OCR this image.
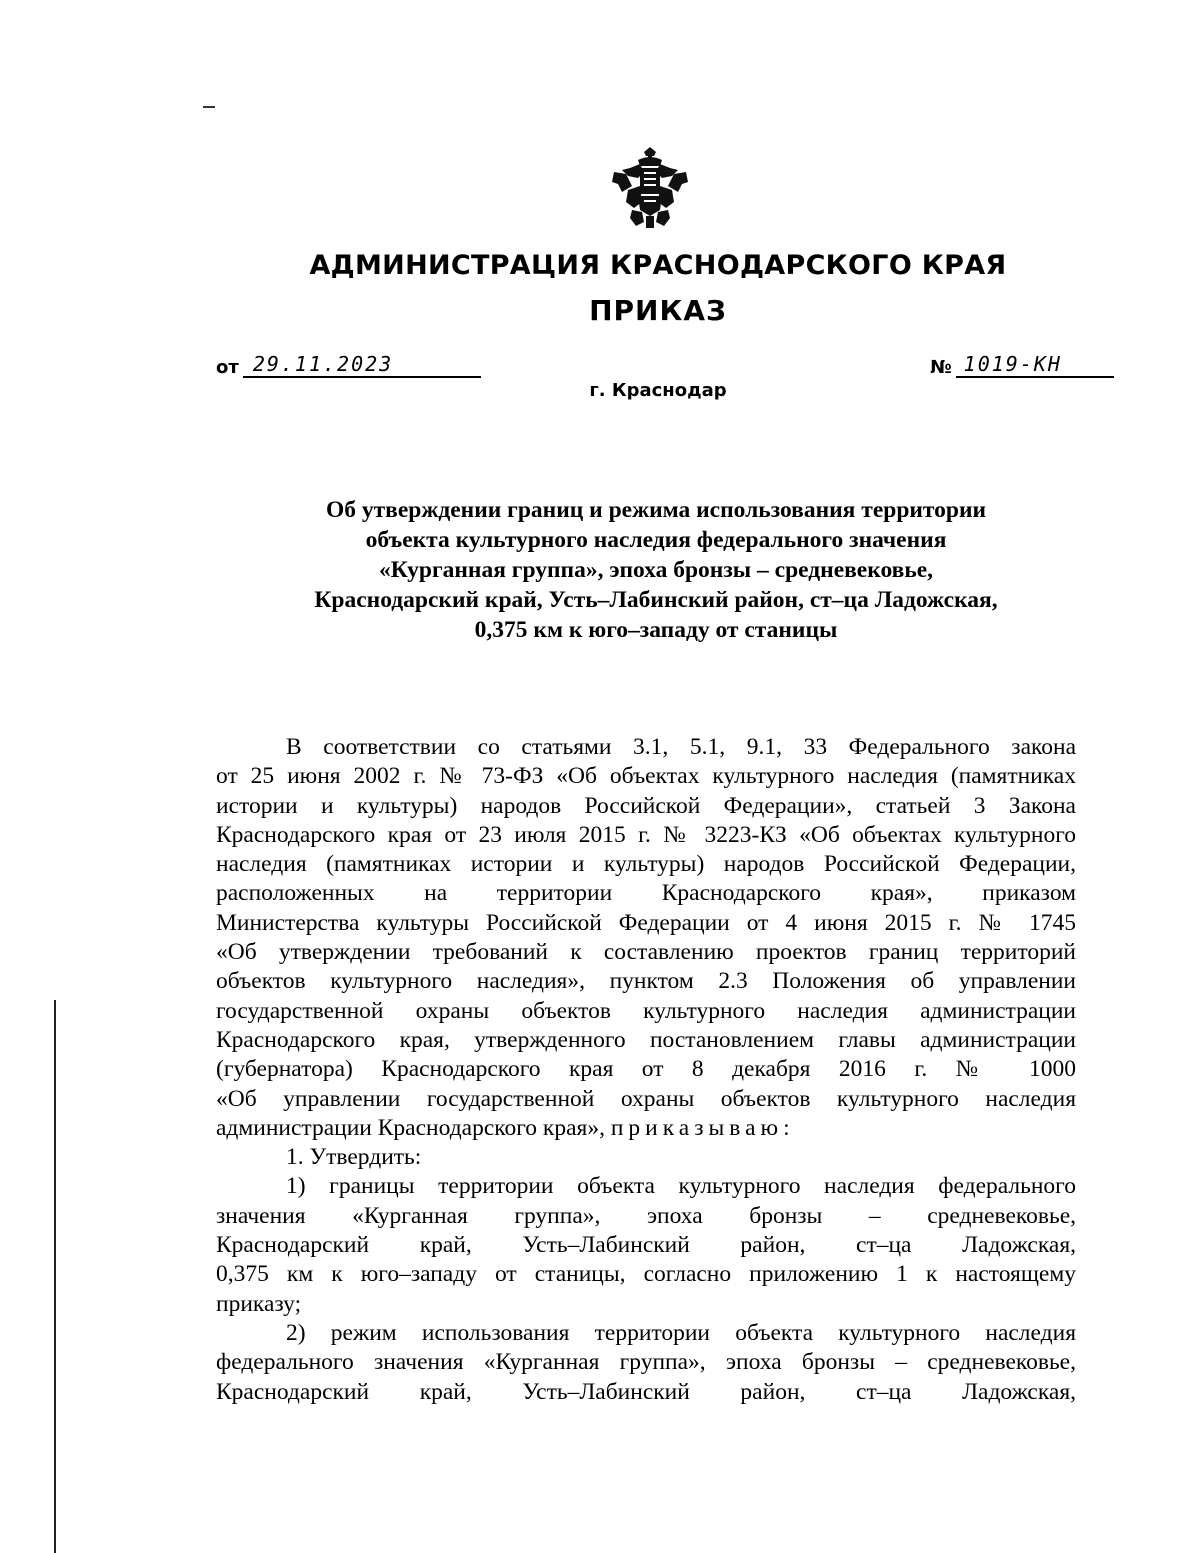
АДМИНИСТРАЦИЯ КРАСНОДАРСКОГО КРАЯ
ПРИКАЗ
от 29.11.2023	№ 1019-КН
г. Краснодар
Об утверждении границ и режима использования территории
объекта культурного наследия федерального значения
«Курганная группа», эпоха бронзы – средневековье,
Краснодарский край, Усть–Лабинский район, ст–ца Ладожская,
0,375 км к юго–западу от станицы
В соответствии со статьями 3.1, 5.1, 9.1, 33 Федерального закона
от 25 июня 2002 г. № 73-ФЗ «Об объектах культурного наследия (памятниках
истории и культуры) народов Российской Федерации», статьей 3 Закона
Краснодарского края от 23 июля 2015 г. № 3223-КЗ «Об объектах культурного
наследия (памятниках истории и культуры) народов Российской Федерации,
расположенных на территории Краснодарского края», приказом
Министерства культуры Российской Федерации от 4 июня 2015 г. № 1745
«Об утверждении требований к составлению проектов границ территорий
объектов культурного наследия», пунктом 2.3 Положения об управлении
государственной охраны объектов культурного наследия администрации
Краснодарского края, утвержденного постановлением главы администрации
(губернатора) Краснодарского края от 8 декабря 2016 г. № 1000
«Об управлении государственной охраны объектов культурного наследия
администрации Краснодарского края», приказываю:
1. Утвердить:
1) границы территории объекта культурного наследия федерального
значения «Курганная группа», эпоха бронзы – средневековье,
Краснодарский край, Усть–Лабинский район, ст–ца Ладожская,
0,375 км к юго–западу от станицы, согласно приложению 1 к настоящему
приказу;
2) режим использования территории объекта культурного наследия
федерального значения «Курганная группа», эпоха бронзы – средневековье,
Краснодарский край, Усть–Лабинский район, ст–ца Ладожская,
